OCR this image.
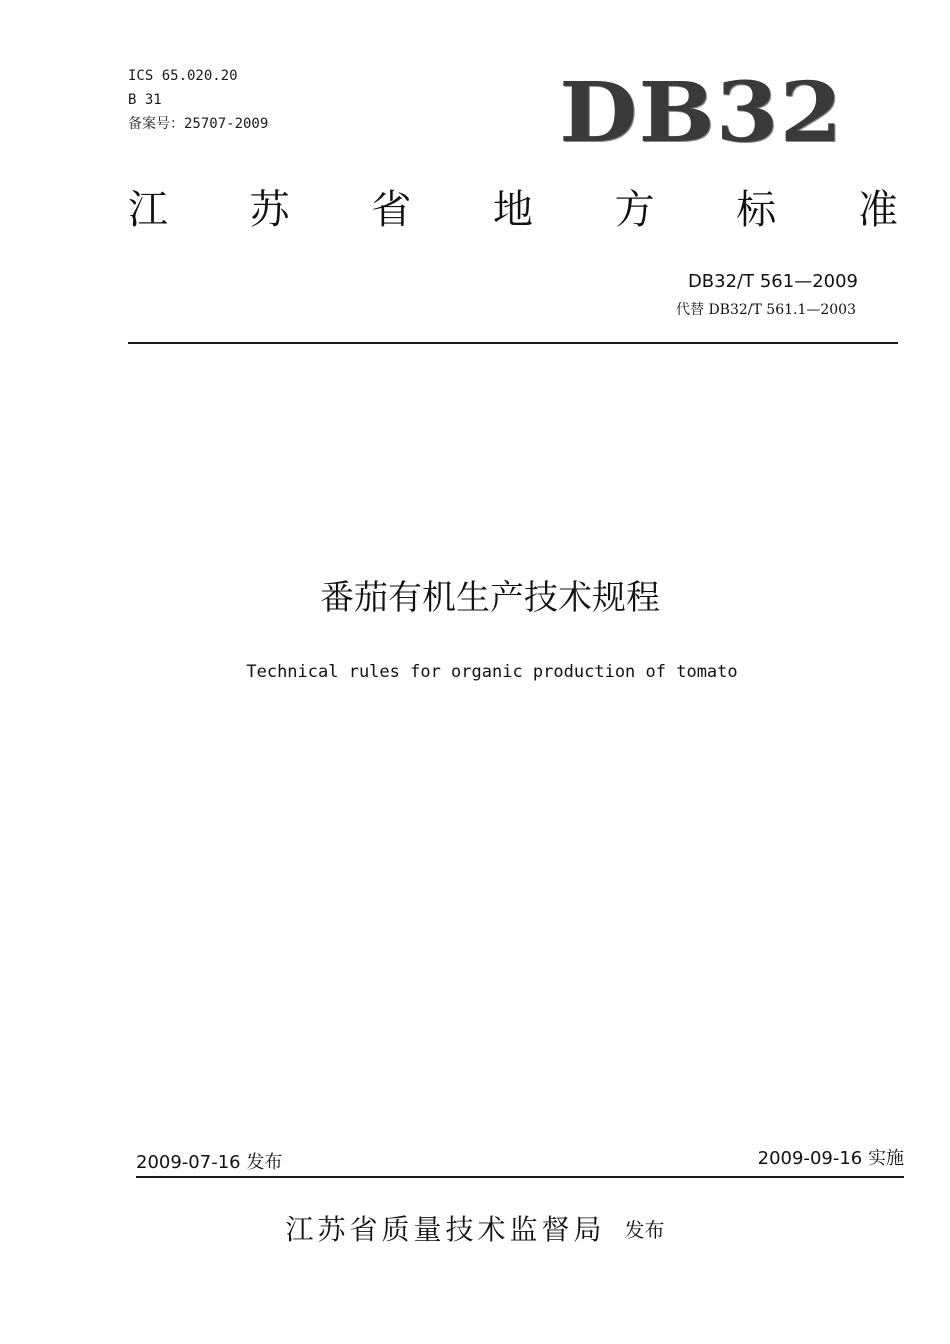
ICS 65.020.20
B 31
备案号：25707-2009	DB32
江 苏 省 地 方 标 准
DB32/T 561—2009
代替 DB32/T 561.1—2003
番茄有机生产技术规程
Technical rules for organic production of tomato
2009-07-16 发布	2009-09-16 实施
江苏省质量技术监督局 发布
